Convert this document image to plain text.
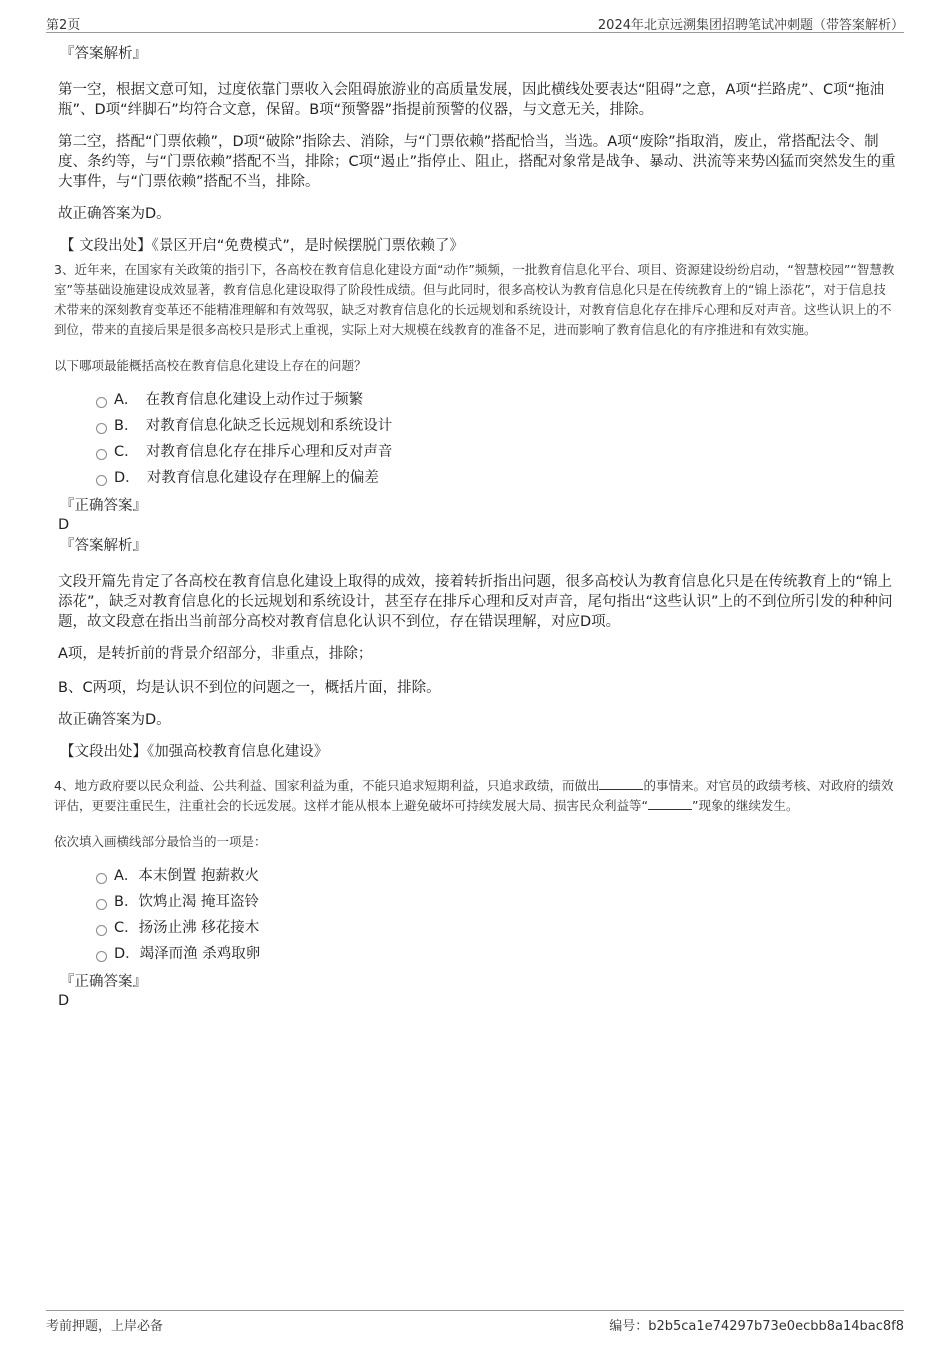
第2页	2024年北京远溯集团招聘笔试冲刺题（带答案解析）
『答案解析』
第一空，根据文意可知，过度依靠门票收入会阻碍旅游业的高质量发展，因此横线处要表达“阻碍”之意，A项“拦路虎”、C项“拖油瓶”、D项“绊脚石”均符合文意，保留。B项“预警器”指提前预警的仪器，与文意无关，排除。
第二空，搭配“门票依赖”，D项“破除”指除去、消除，与“门票依赖”搭配恰当，当选。A项“废除”指取消，废止，常搭配法令、制度、条约等，与“门票依赖”搭配不当，排除；C项“遏止”指停止、阻止，搭配对象常是战争、暴动、洪流等来势凶猛而突然发生的重大事件，与“门票依赖”搭配不当，排除。
故正确答案为D。
【 文段出处】《景区开启“免费模式”，是时候摆脱门票依赖了》
3、近年来，在国家有关政策的指引下，各高校在教育信息化建设方面“动作”频频，一批教育信息化平台、项目、资源建设纷纷启动，“智慧校园”“智慧教室”等基础设施建设成效显著，教育信息化建设取得了阶段性成绩。但与此同时，很多高校认为教育信息化只是在传统教育上的“锦上添花”，对于信息技术带来的深刻教育变革还不能精准理解和有效驾驭，缺乏对教育信息化的长远规划和系统设计，对教育信息化存在排斥心理和反对声音。这些认识上的不到位，带来的直接后果是很多高校只是形式上重视，实际上对大规模在线教育的准备不足，进而影响了教育信息化的有序推进和有效实施。
以下哪项最能概括高校在教育信息化建设上存在的问题？
A．　在教育信息化建设上动作过于频繁
B．　对教育信息化缺乏长远规划和系统设计
C．　对教育信息化存在排斥心理和反对声音
D．　对教育信息化建设存在理解上的偏差
『正确答案』
D
『答案解析』
文段开篇先肯定了各高校在教育信息化建设上取得的成效，接着转折指出问题，很多高校认为教育信息化只是在传统教育上的“锦上添花”，缺乏对教育信息化的长远规划和系统设计，甚至存在排斥心理和反对声音，尾句指出“这些认识”上的不到位所引发的种种问题，故文段意在指出当前部分高校对教育信息化认识不到位，存在错误理解，对应D项。
A项，是转折前的背景介绍部分，非重点，排除；
B、C两项，均是认识不到位的问题之一，概括片面，排除。
故正确答案为D。
【文段出处】《加强高校教育信息化建设》
4、地方政府要以民众利益、公共利益、国家利益为重，不能只追求短期利益，只追求政绩，而做出	的事情来。对官员的政绩考核、对政府的绩效评估，更要注重民生，注重社会的长远发展。这样才能从根本上避免破坏可持续发展大局、损害民众利益等“	”现象的继续发生。
依次填入画横线部分最恰当的一项是：
A．本末倒置 抱薪救火
B．饮鸩止渴 掩耳盗铃
C．扬汤止沸 移花接木
D．竭泽而渔 杀鸡取卵
『正确答案』
D
考前押题，上岸必备	编号：b2b5ca1e74297b73e0ecbb8a14bac8f8
